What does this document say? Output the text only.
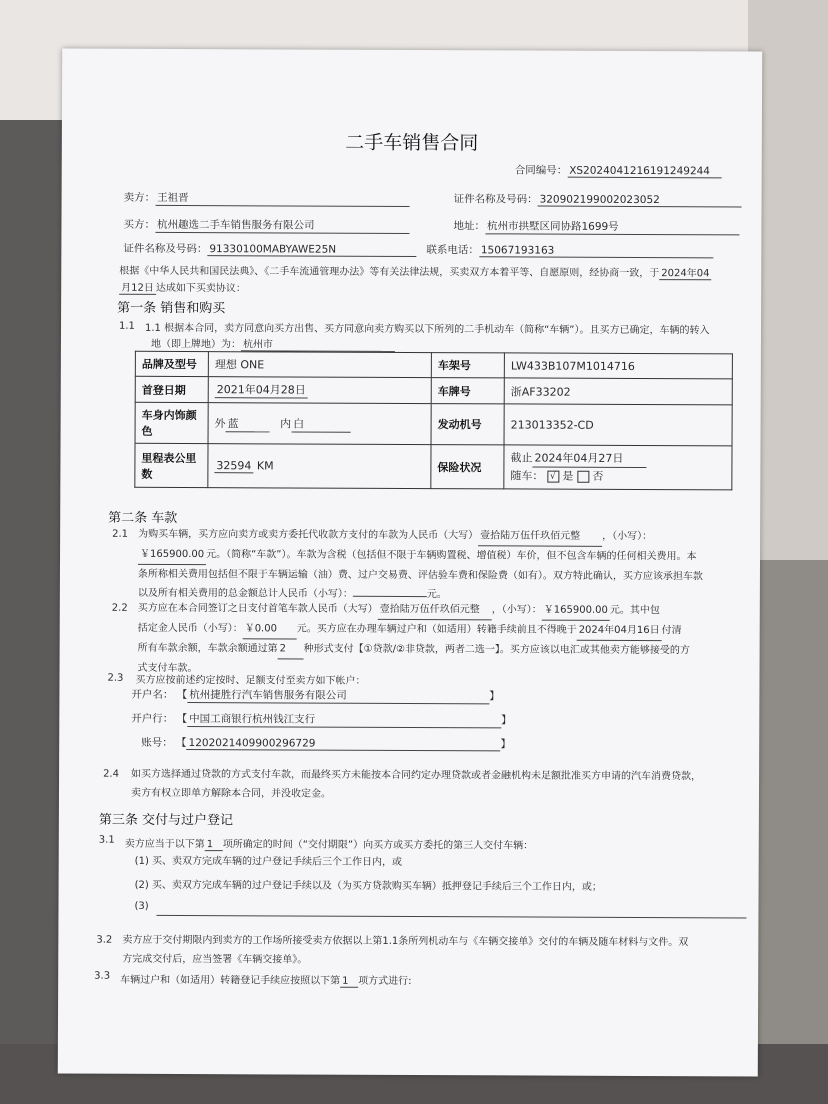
二手车销售合同
合同编号： XS2024041216191249244
卖方： 王祖晋	证件名称及号码： 320902199002023052
买方： 杭州趣选二手车销售服务有限公司	地址： 杭州市拱墅区同协路1699号
证件名称及号码： 91330100MABYAWE25N	联系电话： 15067193163
根据《中华人民共和国民法典》、《二手车流通管理办法》等有关法律法规，买卖双方本着平等、自愿原则，经协商一致，于 2024年04
月12日 达成如下买卖协议：
第一条 销售和购买
1.1 1.1 根据本合同，卖方同意向买方出售、买方同意向卖方购买以下所列的二手机动车（简称“车辆”）。且买方已确定，车辆的转入
地（即上牌地）为： 杭州市
品牌及型号	理想 ONE	车架号	LW433B107M1014716
首登日期	2021年04月28日	车牌号	浙AF33202
车身内饰颜色	外 蓝 内 白	发动机号	213013352-CD
里程表公里数	32594 KM	保险状况	截止 2024年04月27日
随车： √ 是 否
第二条 车款
2.1 为购买车辆，买方应向卖方或卖方委托代收款方支付的车款为人民币（大写） 壹拾陆万伍仟玖佰元整 ，（小写）：
￥165900.00 元。（简称“车款”）。车款为含税（包括但不限于车辆购置税、增值税）车价，但不包含车辆的任何相关费用。本
条所称相关费用包括但不限于车辆运输（油）费、过户交易费、评估验车费和保险费（如有）。双方特此确认，买方应该承担车款
以及所有相关费用的总金额总计人民币（小写）：	元。
2.2 买方应在本合同签订之日支付首笔车款人民币（大写） 壹拾陆万伍仟玖佰元整 ，（小写）： ￥165900.00 元。其中包
括定金人民币（小写）： ￥0.00 元。买方应在办理车辆过户和（如适用）转籍手续前且不得晚于 2024年04月16日 付清
所有车款余额，车款余额通过第 2 种形式支付【①贷款/②非贷款，两者二选一】。买方应该以电汇或其他卖方能够接受的方
式支付车款。
2.3 买方应按前述约定按时、足额支付至卖方如下帐户：
开户名： 【 杭州捷胜行汽车销售服务有限公司	】
开户行： 【 中国工商银行杭州钱江支行	】
账号： 【 1202021409900296729	】
2.4 如买方选择通过贷款的方式支付车款，而最终买方未能按本合同约定办理贷款或者金融机构未足额批准买方申请的汽车消费贷款，
卖方有权立即单方解除本合同，并没收定金。
第三条 交付与过户登记
3.1 卖方应当于以下第 1 项所确定的时间（“交付期限”）向买方或买方委托的第三人交付车辆：
(1) 买、卖双方完成车辆的过户登记手续后三个工作日内，或
(2) 买、卖双方完成车辆的过户登记手续以及（为买方贷款购买车辆）抵押登记手续后三个工作日内，或；
(3)
3.2 卖方应于交付期限内到卖方的工作场所接受卖方依据以上第1.1条所列机动车与《车辆交接单》交付的车辆及随车材料与文件。双
方完成交付后，应当签署《车辆交接单》。
3.3 车辆过户和（如适用）转籍登记手续应按照以下第 1 项方式进行:
